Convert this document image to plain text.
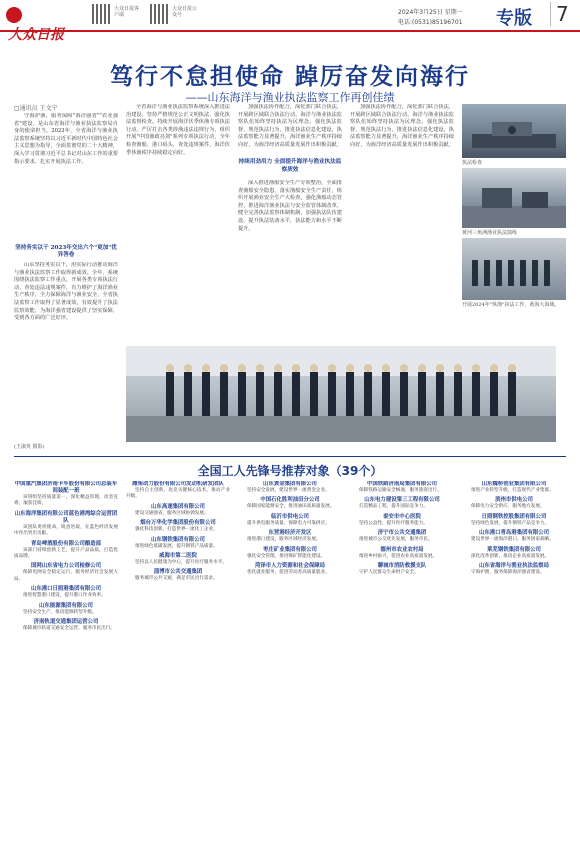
大众日报
大众日报客户端
大众日报公众号	2024年3月25日 星期一
电话:(0531)85196701 专版	7
笃行不怠担使命 踔厉奋发向海行
——山东海洋与渔业执法监察工作再创佳绩
□通讯员 王文宁

守海护渔，服务保障"海洋强省""农业强省"建设，是山东省海洋与渔业执法监察局自身的使命担当。2023年，全省海洋与渔业执法监察系统坚持以习近平新时代中国特色社会主义思想为指导，全面贯彻党的二十大精神，深入学习贯彻习近平总书记对山东工作的重要指示要求，扎实开展执法工作。

坚持务实以干 2023年交出六个"更加"优异答卷

山东坚持务实以干，用实际行动推动海洋与渔业执法监察工作取得新成效。全年，系统围绕执法监察工作重点，开展各类专项执法行动，查处违法违规案件，有力维护了海洋渔业生产秩序，全力保障海洋与渔业安全，全省执法监察工作取得了显著成效，有效提升了执法监察效能，为海洋强省建设提供了坚实保障，受到各方面的广泛好评。

全省海洋与渔业执法监察系统深入推进法治建设，坚持严格规范公正文明执法，强化执法监督检查。持续开展海洋伏季休渔专项执法行动，严厉打击各类涉渔违法违规行为，组织开展"中国渔政亮剑"系列专项执法行动，全年检查渔船、港口码头，查处违规案件，海洋伏季休渔秩序持续稳定向好。

持续用劲用力 全面提升海洋与渔业执法监察质效

加强执法协作配合，深化部门联合执法，开展跨区域联合执法行动。海洋与渔业执法监察队伍始终坚持执法为民理念，强化执法监督，规范执法行为，推进执法信息化建设，执法监察能力显著提升，海洋渔业生产秩序持续向好，为海洋经济高质量发展作出积极贡献。

深入推进渔船安全生产专项整治，全面排查渔船安全隐患，落实渔船安全生产责任，组织开展渔业安全生产大检查，强化渔船动态管控，推进海洋渔业执法与安全监管体制改革，健全完善执法监察体制机制，加强执法队伍建设，提升执法装备水平，执法能力和水平不断提升。

加强执法协作配合，深化部门联合执法，开展跨区域联合执法行动。海洋与渔业执法监察队伍始终坚持执法为民理念，强化执法监督，规范执法行为，推进执法信息化建设，执法监察能力显著提升，海洋渔业生产秩序持续向好，为海洋经济高质量发展作出积极贡献。

执法检查
黄河三角洲渔业执法演练
开展2024年"休渔"执法工作，黄海大海域。
(王淑英 摄影)
全国工人先锋号推荐对象（39个）
中国重汽集团济南卡车股份有限公司总装车间装配一班

该班组坚持质量第一，深化精益管理，攻坚克难，屡获佳绩。

山东海洋集团有限公司蓝色港湾综合运营团队

该团队勇担使命，锐意进取，在蓝色经济发展中作出突出贡献。

青岛啤酒股份有限公司酿造部

该部门持续创新工艺，提升产品品质，打造优质品牌。

国网山东省电力公司检修公司

保障电网安全稳定运行，服务经济社会发展大局。

山东港口日照港集团有限公司

推进智慧港口建设，提升港口作业效率。

山东能源集团有限公司

坚持安全生产，推动能源转型升级。

济南轨道交通集团运营公司

保障城市轨道交通安全运营，服务市民出行。

潍柴动力股份有限公司发动机研发团队

坚持自主创新，攻克关键核心技术，推动产业升级。

山东高速集团有限公司

建设交通强省，服务区域协调发展。

烟台万华化学集团股份有限公司

强化科技创新，打造世界一流化工企业。

山东钢铁集团有限公司

推进绿色低碳发展，提升钢铁产品质量。

威海市第二医院

坚持以人民健康为中心，提升医疗服务水平。

淄博市公共交通集团

服务城市公共交通，满足市民出行需求。

山东黄金集团有限公司

坚持安全发展，建设世界一流黄金企业。

中国石化胜利油田分公司

保障国家能源安全，推进油田高质量发展。

临沂市供电公司

提升供电服务质量，保障电力可靠供应。

东营港经济开发区

推进港口建设，服务区域经济发展。

枣庄矿业集团有限公司

强化安全管理，推进煤矿智能化建设。

菏泽市人力资源和社会保障局

优化就业服务，促进劳动者高质量就业。

中国铁路济南局集团有限公司

保障铁路运输安全畅通，服务旅客出行。

山东电力建设第三工程有限公司

打造精品工程，提升国际竞争力。

泰安市中心医院

坚持公益性，提升医疗服务能力。

济宁市公共交通集团

推进城市公交优先发展，服务市民。

德州市农业农村局

推进乡村振兴，促进农业高质量发展。

聊城市消防救援支队

守护人民群众生命财产安全。

山东魏桥创业集团有限公司

推进产业转型升级，打造现代产业集群。

滨州市供电公司

保障电力安全供应，服务地方发展。

日照钢铁控股集团有限公司

坚持绿色发展，提升钢铁产品竞争力。

山东港口青岛港集团有限公司

建设世界一流海洋港口，服务国家战略。

莱芜钢铁集团有限公司

深化改革创新，推动企业高质量发展。

山东省海洋与渔业执法监察局

守海护渔，服务保障海洋强省建设。
